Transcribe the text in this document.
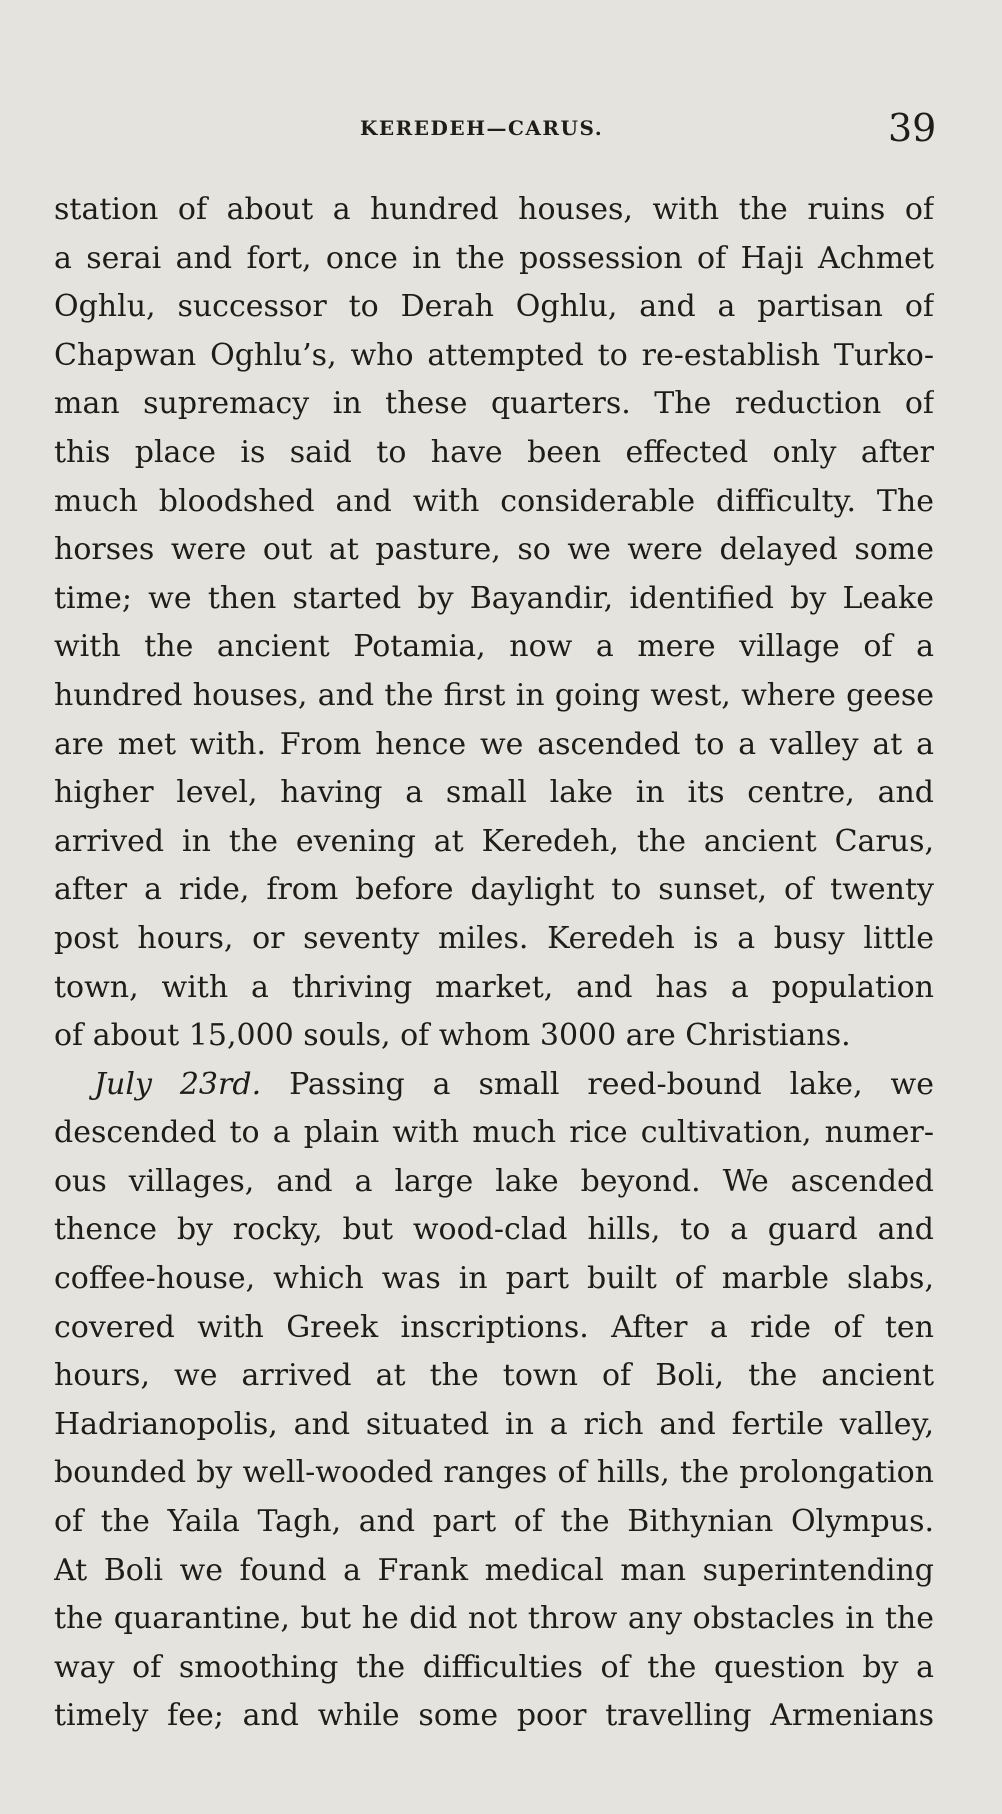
KEREDEH—CARUS.	39
station of about a hundred houses, with the ruins of
a serai and fort, once in the possession of Haji Achmet
Oghlu, successor to Derah Oghlu, and a partisan of
Chapwan Oghlu’s, who attempted to re-establish Turko-
man supremacy in these quarters. The reduction of
this place is said to have been effected only after
much bloodshed and with considerable difficulty. The
horses were out at pasture, so we were delayed some
time; we then started by Bayandir, identified by Leake
with the ancient Potamia, now a mere village of a
hundred houses, and the first in going west, where geese
are met with. From hence we ascended to a valley at a
higher level, having a small lake in its centre, and
arrived in the evening at Keredeh, the ancient Carus,
after a ride, from before daylight to sunset, of twenty
post hours, or seventy miles. Keredeh is a busy little
town, with a thriving market, and has a population
of about 15,000 souls, of whom 3000 are Christians.
July 23rd. Passing a small reed-bound lake, we
descended to a plain with much rice cultivation, numer-
ous villages, and a large lake beyond. We ascended
thence by rocky, but wood-clad hills, to a guard and
coffee-house, which was in part built of marble slabs,
covered with Greek inscriptions. After a ride of ten
hours, we arrived at the town of Boli, the ancient
Hadrianopolis, and situated in a rich and fertile valley,
bounded by well-wooded ranges of hills, the prolongation
of the Yaila Tagh, and part of the Bithynian Olympus.
At Boli we found a Frank medical man superintending
the quarantine, but he did not throw any obstacles in the
way of smoothing the difficulties of the question by a
timely fee; and while some poor travelling Armenians
